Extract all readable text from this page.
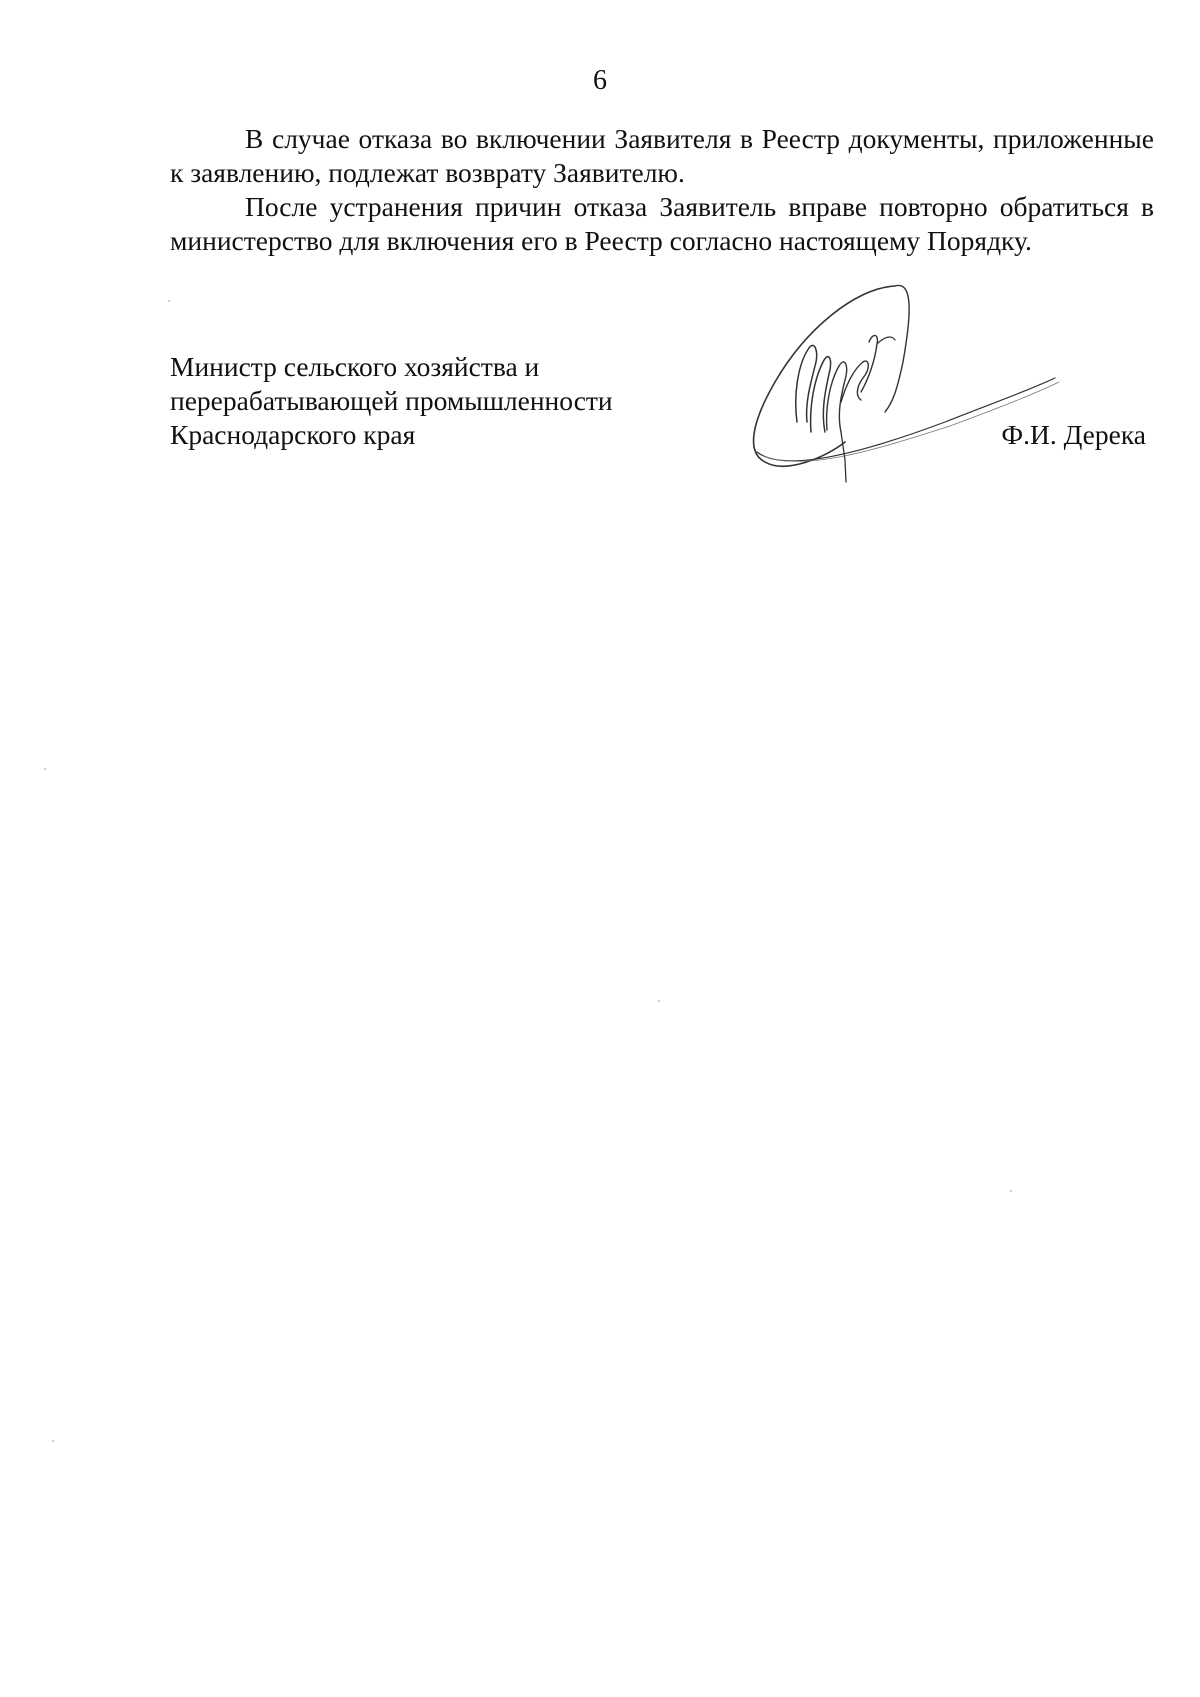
6

В случае отказа во включении Заявителя в Реестр документы, приложенные к заявлению, подлежат возврату Заявителю.

После устранения причин отказа Заявитель вправе повторно обратиться в министерство для включения его в Реестр согласно настоящему Порядку.

Министр сельского хозяйства и
перерабатывающей промышленности
Краснодарского края	Ф.И. Дерека
